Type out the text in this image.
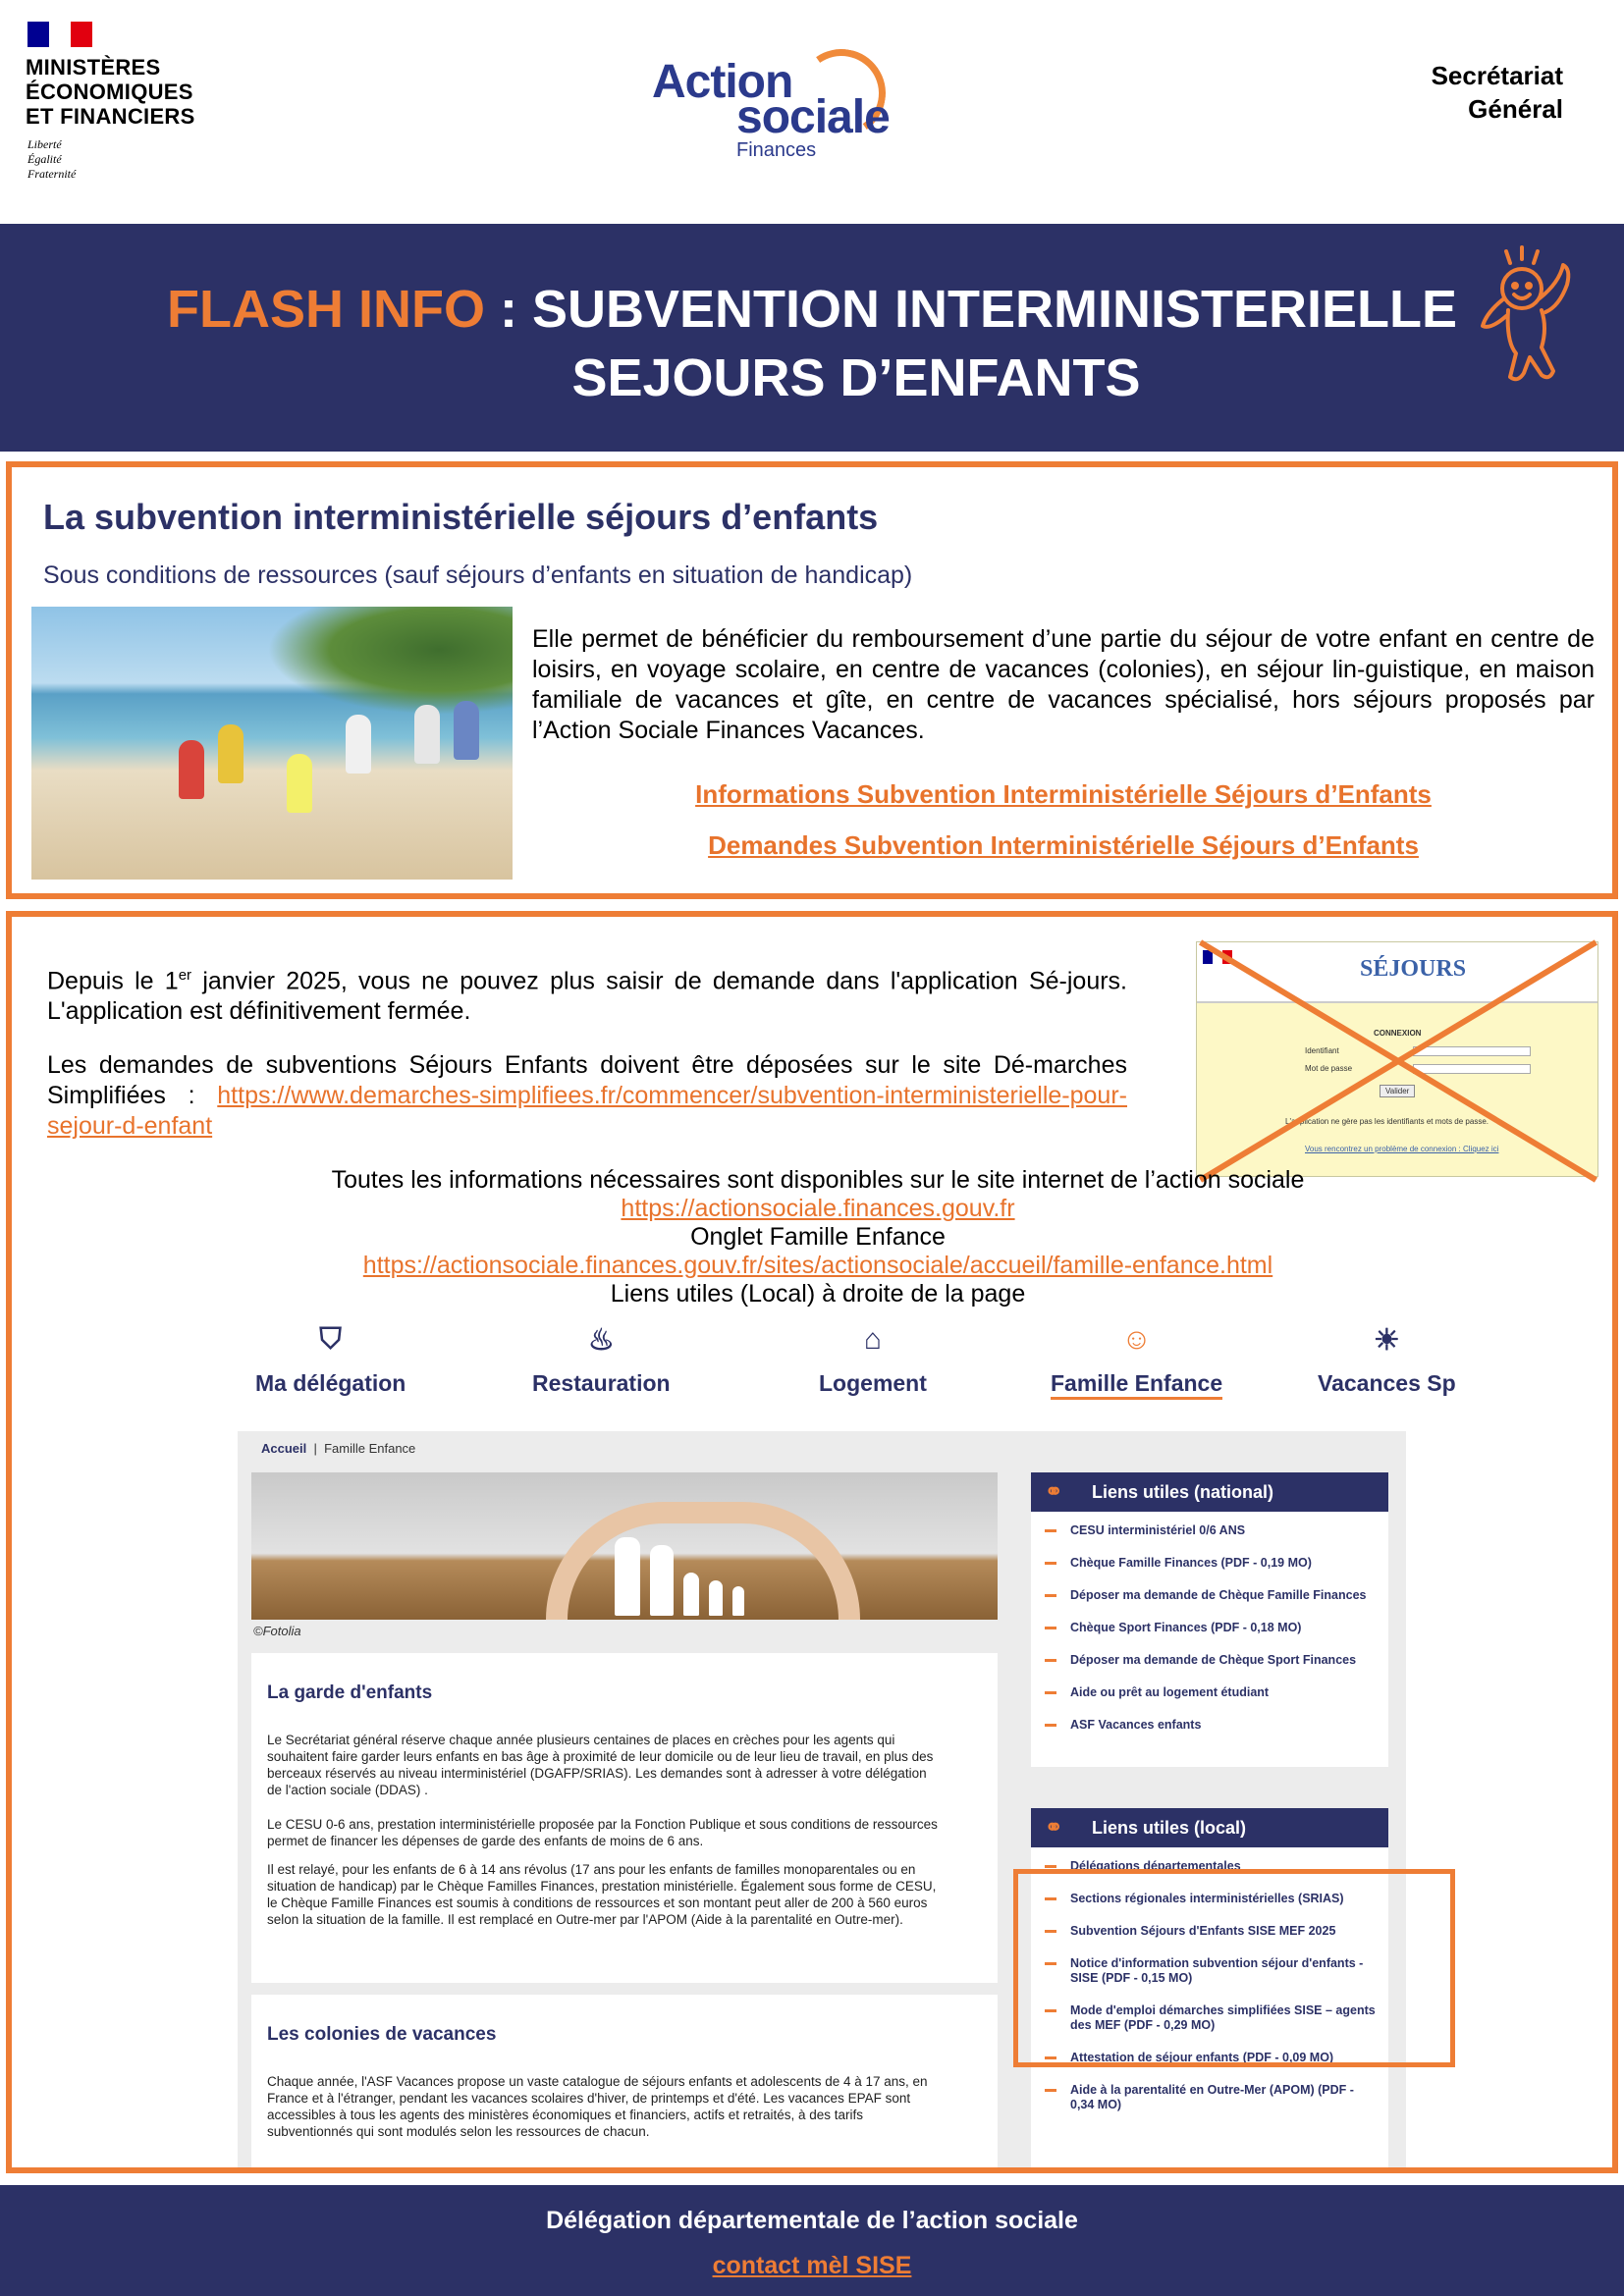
MINISTÈRES
ÉCONOMIQUES
ET FINANCIERS
Liberté
Égalité
Fraternité
Action
sociale
Finances
Secrétariat
Général
FLASH INFO : SUBVENTION INTERMINISTERIELLE
SEJOURS D’ENFANTS
La subvention interministérielle séjours d’enfants
Sous conditions de ressources (sauf séjours d’enfants en situation de handicap)
Elle permet de bénéficier du remboursement d’une partie du séjour de votre enfant en centre de loisirs, en voyage scolaire, en centre de vacances (colonies), en séjour lin-guistique, en maison familiale de vacances et gîte, en centre de vacances spécialisé, hors séjours proposés par l’Action Sociale Finances Vacances.
Informations Subvention Interministérielle Séjours d’Enfants
Demandes Subvention Interministérielle Séjours d’Enfants
Depuis le 1er janvier 2025, vous ne pouvez plus saisir de demande dans l'application Sé-jours. L'application est définitivement fermée.
Les demandes de subventions Séjours Enfants doivent être déposées sur le site Dé-marches Simplifiées : https://www.demarches-simplifiees.fr/commencer/subvention-interministerielle-pour-sejour-d-enfant
SÉJOURS
CONNEXION
Identifiant
Mot de passe
Valider
L'application ne gère pas les identifiants et mots de passe.
Vous rencontrez un problème de connexion : Cliquez ici
Toutes les informations nécessaires sont disponibles sur le site internet de l’action sociale
https://actionsociale.finances.gouv.fr
Onglet Famille Enfance
https://actionsociale.finances.gouv.fr/sites/actionsociale/accueil/famille-enfance.html
Liens utiles (Local) à droite de la page
⛉
Ma délégation
♨
Restauration
⌂
Logement
☺
Famille Enfance
☀
Vacances Sp
Accueil  |  Famille Enfance
©Fotolia
La garde d'enfants
Le Secrétariat général réserve chaque année plusieurs centaines de places en crèches pour les agents qui souhaitent faire garder leurs enfants en bas âge à proximité de leur domicile ou de leur lieu de travail, en plus des berceaux réservés au niveau interministériel (DGAFP/SRIAS). Les demandes sont à adresser à votre délégation de l'action sociale (DDAS) .
Le CESU 0-6 ans, prestation interministérielle proposée par la Fonction Publique et sous conditions de ressources permet de financer les dépenses de garde des enfants de moins de 6 ans.
Il est relayé, pour les enfants de 6 à 14 ans révolus (17 ans pour les enfants de familles monoparentales ou en situation de handicap) par le Chèque Familles Finances, prestation ministérielle. Également sous forme de CESU, le Chèque Famille Finances est soumis à conditions de ressources et son montant peut aller de 200 à 560 euros selon la situation de la famille. Il est remplacé en Outre-mer par l'APOM (Aide à la parentalité en Outre-mer).
Les colonies de vacances
Chaque année, l'ASF Vacances propose un vaste catalogue de séjours enfants et adolescents de 4 à 17 ans, en France et à l'étranger, pendant les vacances scolaires d'hiver, de printemps et d'été. Les vacances EPAF sont accessibles à tous les agents des ministères économiques et financiers, actifs et retraités, à des tarifs subventionnés qui sont modulés selon les ressources de chacun.
⚭ Liens utiles (national)
CESU interministériel 0/6 ANS
Chèque Famille Finances (PDF - 0,19 MO)
Déposer ma demande de Chèque Famille Finances
Chèque Sport Finances (PDF - 0,18 MO)
Déposer ma demande de Chèque Sport Finances
Aide ou prêt au logement étudiant
ASF Vacances enfants
⚭ Liens utiles (local)
Délégations départementales
Sections régionales interministérielles (SRIAS)
Subvention Séjours d'Enfants SISE MEF 2025
Notice d'information subvention séjour d'enfants - SISE (PDF - 0,15 MO)
Mode d'emploi démarches simplifiées SISE – agents des MEF (PDF - 0,29 MO)
Attestation de séjour enfants (PDF - 0,09 MO)
Aide à la parentalité en Outre-Mer (APOM) (PDF - 0,34 MO)
Délégation départementale de l’action sociale
contact mèl SISE
